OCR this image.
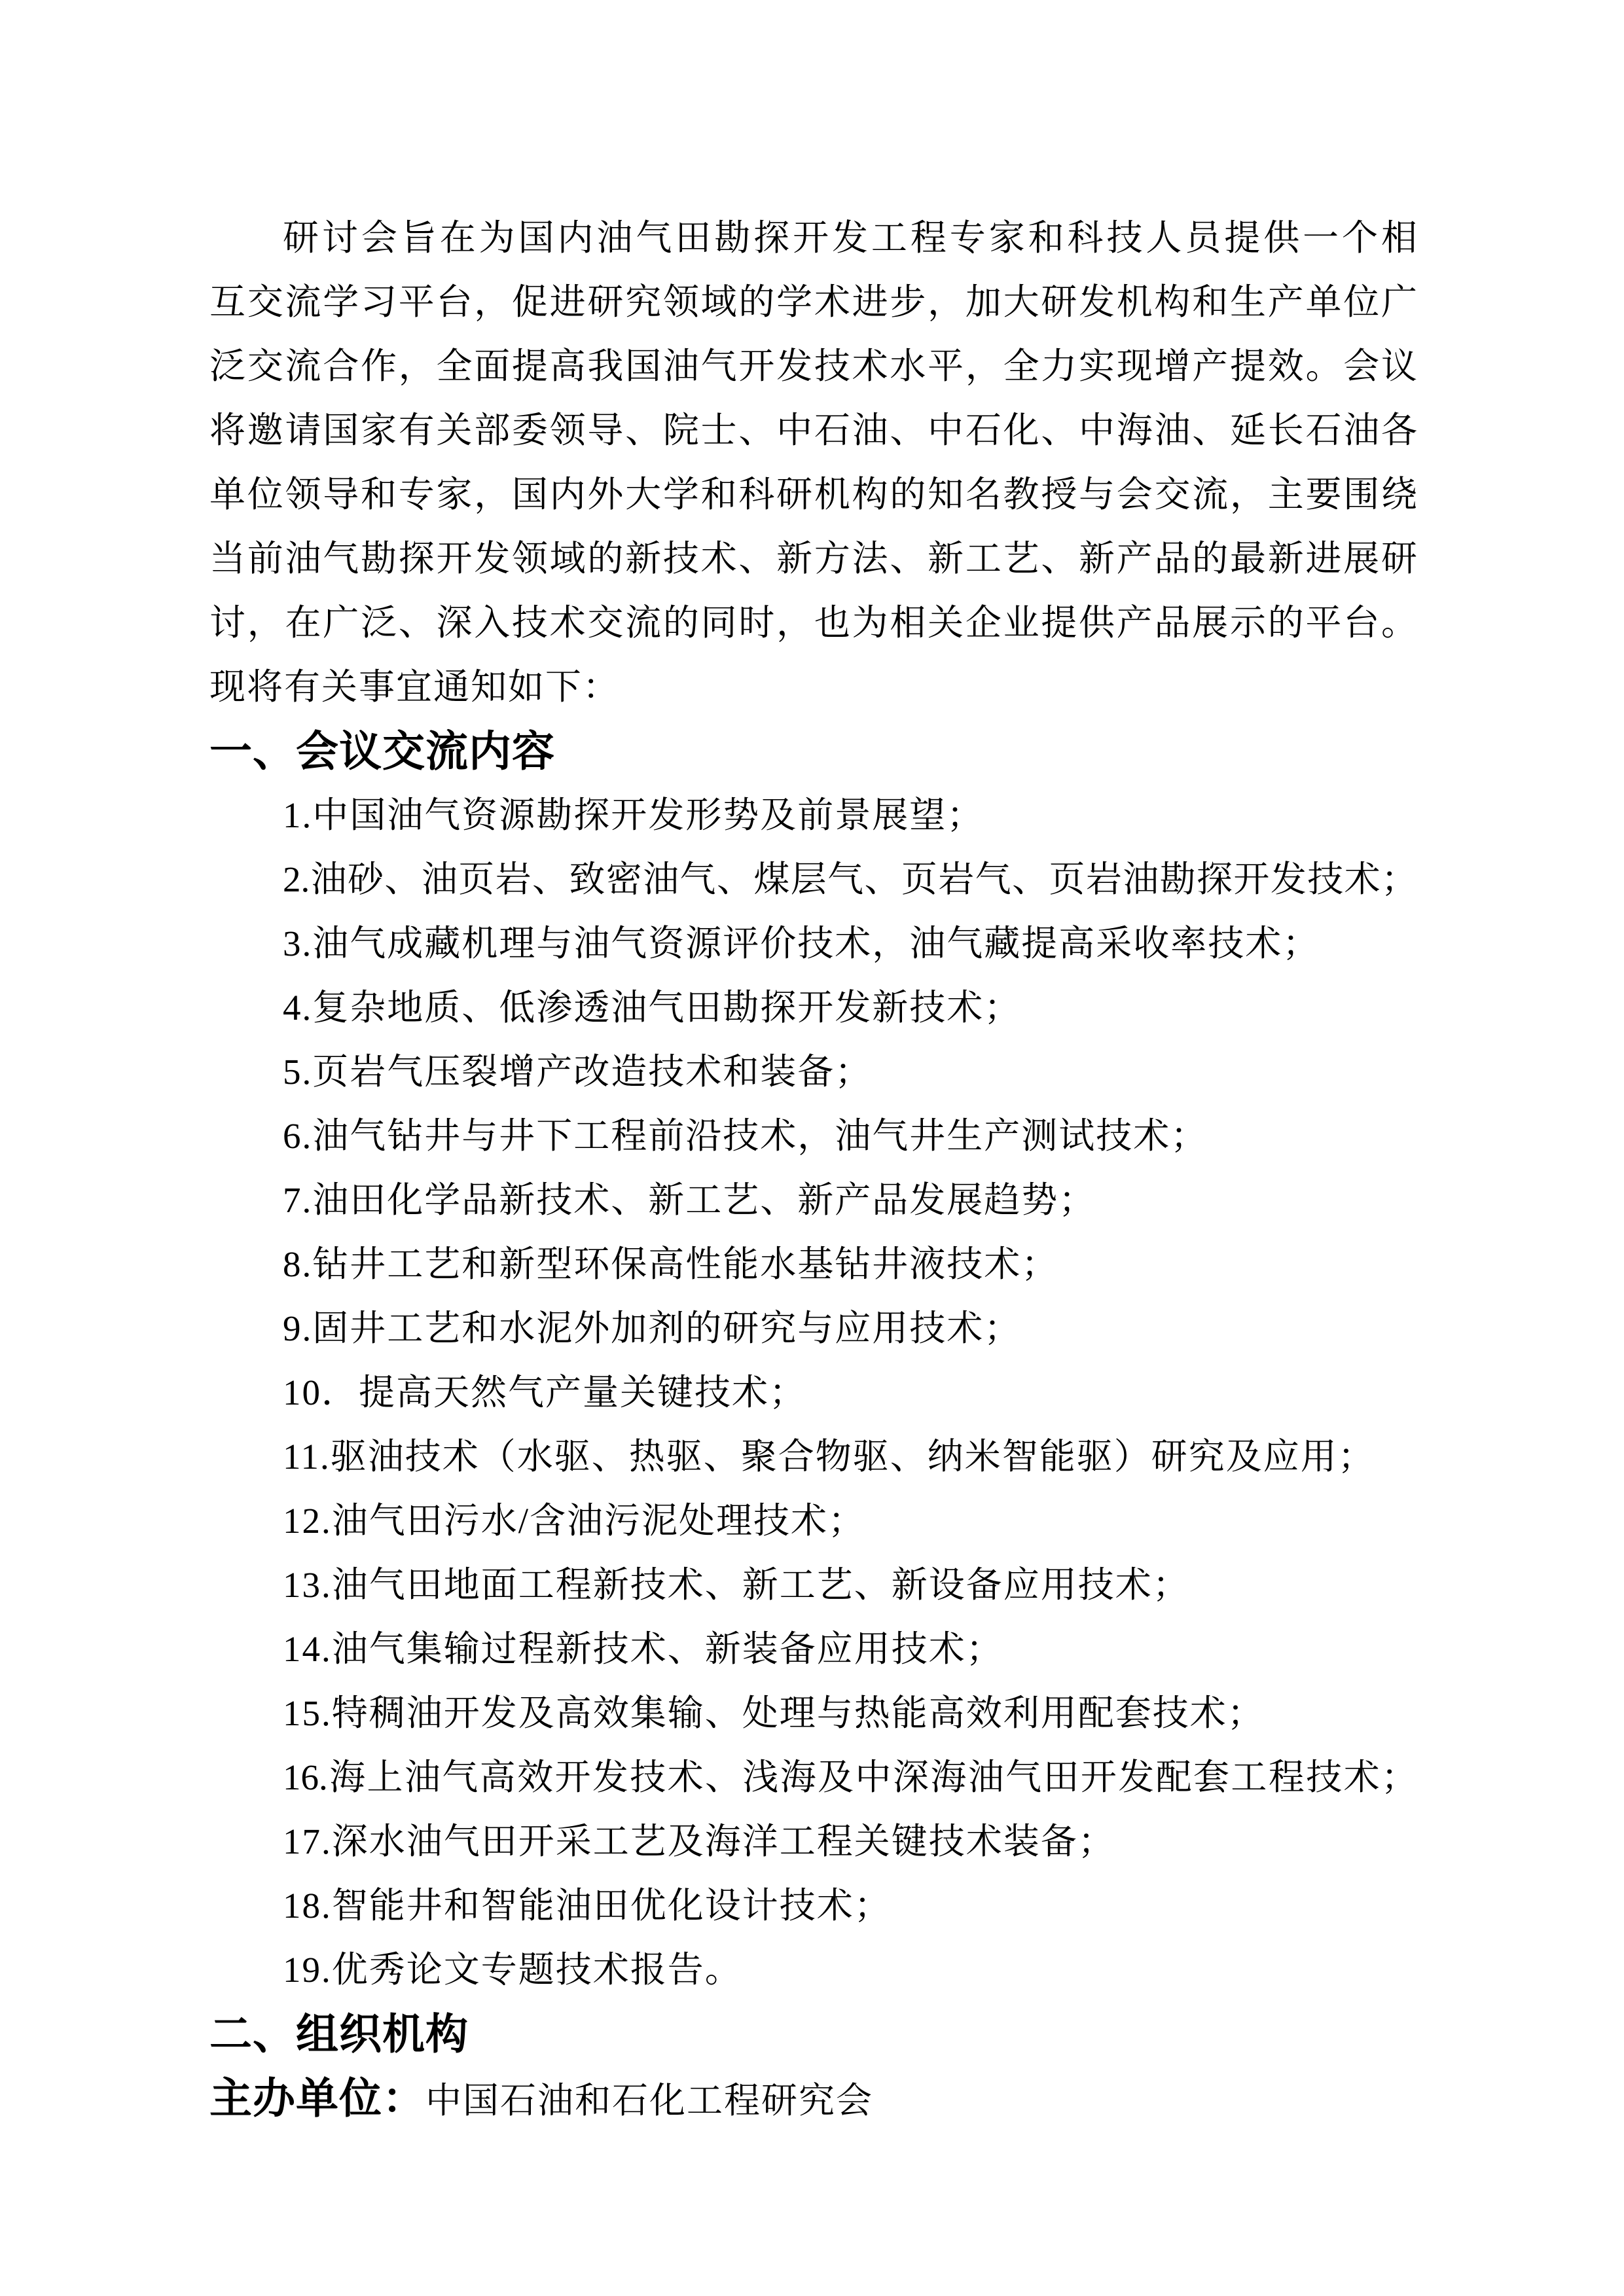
研讨会旨在为国内油气田勘探开发工程专家和科技人员提供一个相

互交流学习平台，促进研究领域的学术进步，加大研发机构和生产单位广

泛交流合作，全面提高我国油气开发技术水平，全力实现增产提效。会议

将邀请国家有关部委领导、院士、中石油、中石化、中海油、延长石油各

单位领导和专家，国内外大学和科研机构的知名教授与会交流，主要围绕

当前油气勘探开发领域的新技术、新方法、新工艺、新产品的最新进展研

讨，在广泛、深入技术交流的同时，也为相关企业提供产品展示的平台。

现将有关事宜通知如下：

一、会议交流内容

1.中国油气资源勘探开发形势及前景展望；

2.油砂、油页岩、致密油气、煤层气、页岩气、页岩油勘探开发技术；

3.油气成藏机理与油气资源评价技术，油气藏提高采收率技术；

4.复杂地质、低渗透油气田勘探开发新技术；

5.页岩气压裂增产改造技术和装备；

6.油气钻井与井下工程前沿技术，油气井生产测试技术；

7.油田化学品新技术、新工艺、新产品发展趋势；

8.钻井工艺和新型环保高性能水基钻井液技术；

9.固井工艺和水泥外加剂的研究与应用技术；

10．提高天然气产量关键技术；

11.驱油技术（水驱、热驱、聚合物驱、纳米智能驱）研究及应用；

12.油气田污水/含油污泥处理技术；

13.油气田地面工程新技术、新工艺、新设备应用技术；

14.油气集输过程新技术、新装备应用技术；

15.特稠油开发及高效集输、处理与热能高效利用配套技术；

16.海上油气高效开发技术、浅海及中深海油气田开发配套工程技术；

17.深水油气田开采工艺及海洋工程关键技术装备；

18.智能井和智能油田优化设计技术；

19.优秀论文专题技术报告。

二、组织机构

主办单位：中国石油和石化工程研究会
